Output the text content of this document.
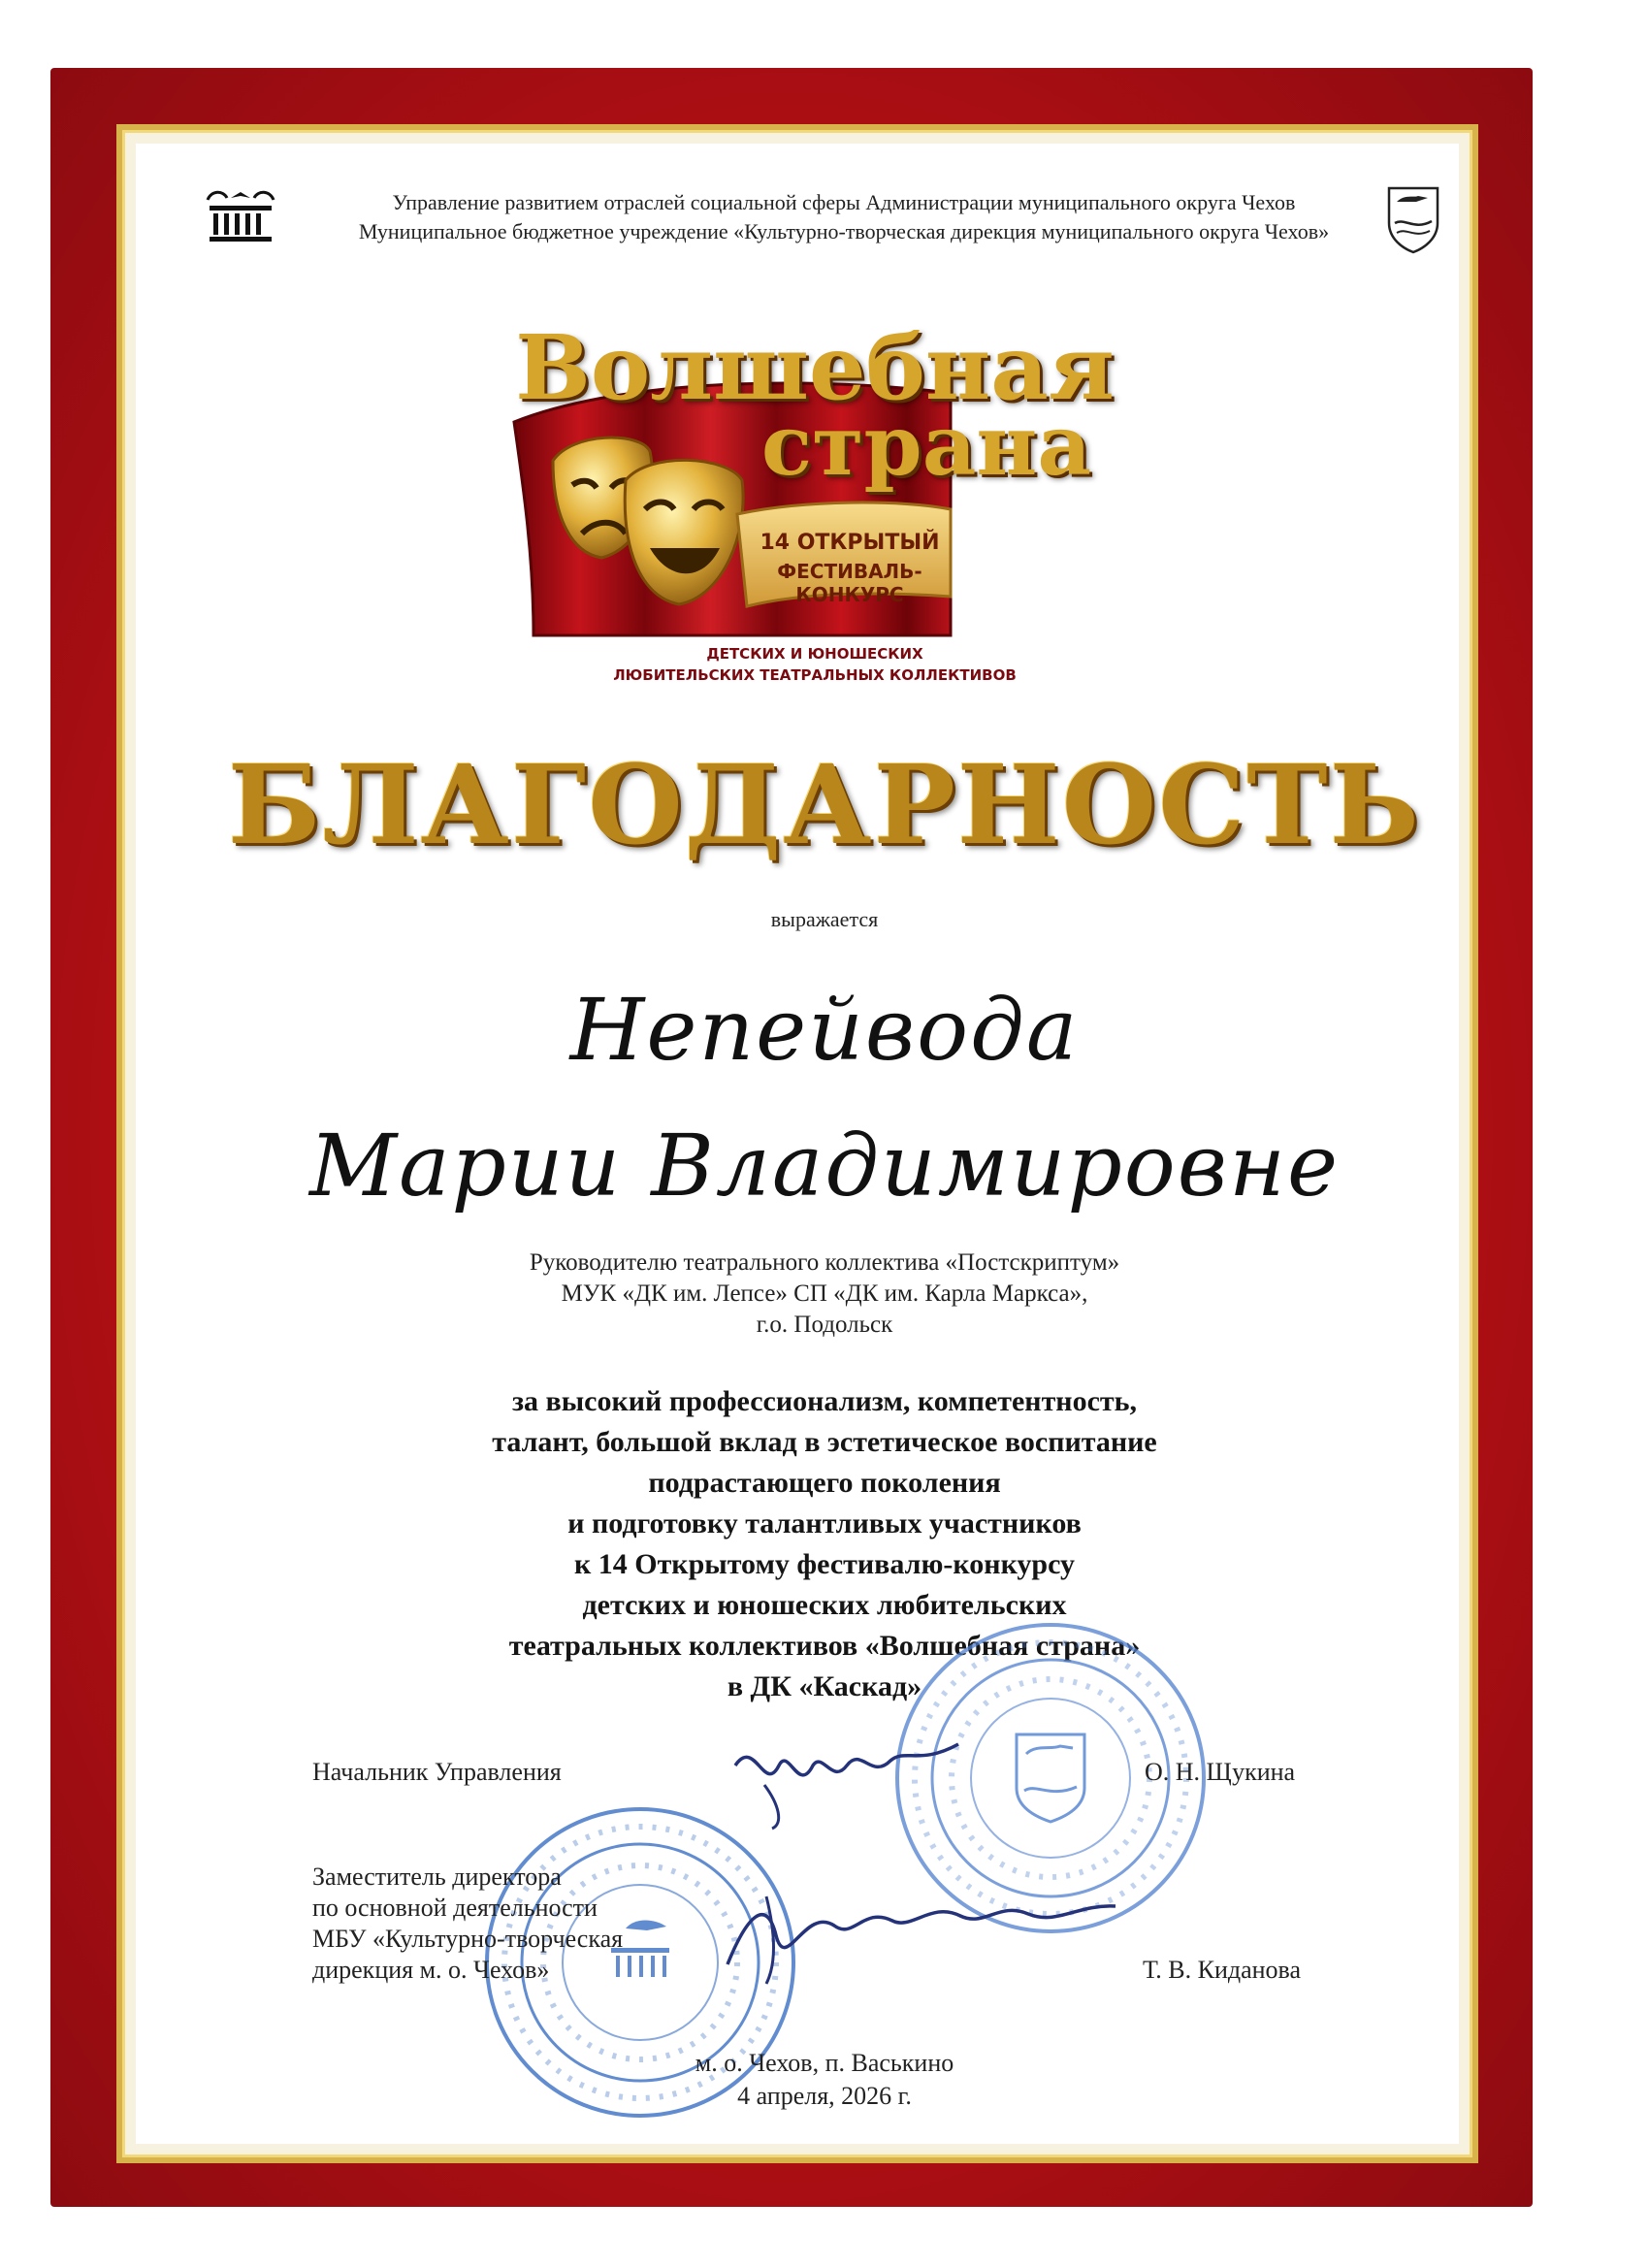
Управление развитием отраслей социальной сферы Администрации муниципального округа Чехов
Муниципальное бюджетное учреждение «Культурно-творческая дирекция муниципального округа Чехов»
Волшебная
страна
14 ОТКРЫТЫЙ
ФЕСТИВАЛЬ-КОНКУРС
ДЕТСКИХ И ЮНОШЕСКИХ
ЛЮБИТЕЛЬСКИХ ТЕАТРАЛЬНЫХ КОЛЛЕКТИВОВ
БЛАГОДАРНОСТЬ
выражается
Непейвода
Марии Владимировне
Руководителю театрального коллектива «Постскриптум»
МУК «ДК им. Лепсе» СП «ДК им. Карла Маркса»,
г.о. Подольск
за высокий профессионализм, компетентность,
талант, большой вклад в эстетическое воспитание
подрастающего поколения
и подготовку талантливых участников
к 14 Открытому фестивалю-конкурсу
детских и юношеских любительских
театральных коллективов «Волшебная страна»
в ДК «Каскад»
Начальник Управления	О. Н. Щукина
Заместитель директора
по основной деятельности
МБУ «Культурно-творческая
дирекция м. о. Чехов»	Т. В. Киданова
м. о. Чехов, п. Васькино
4 апреля, 2026 г.
